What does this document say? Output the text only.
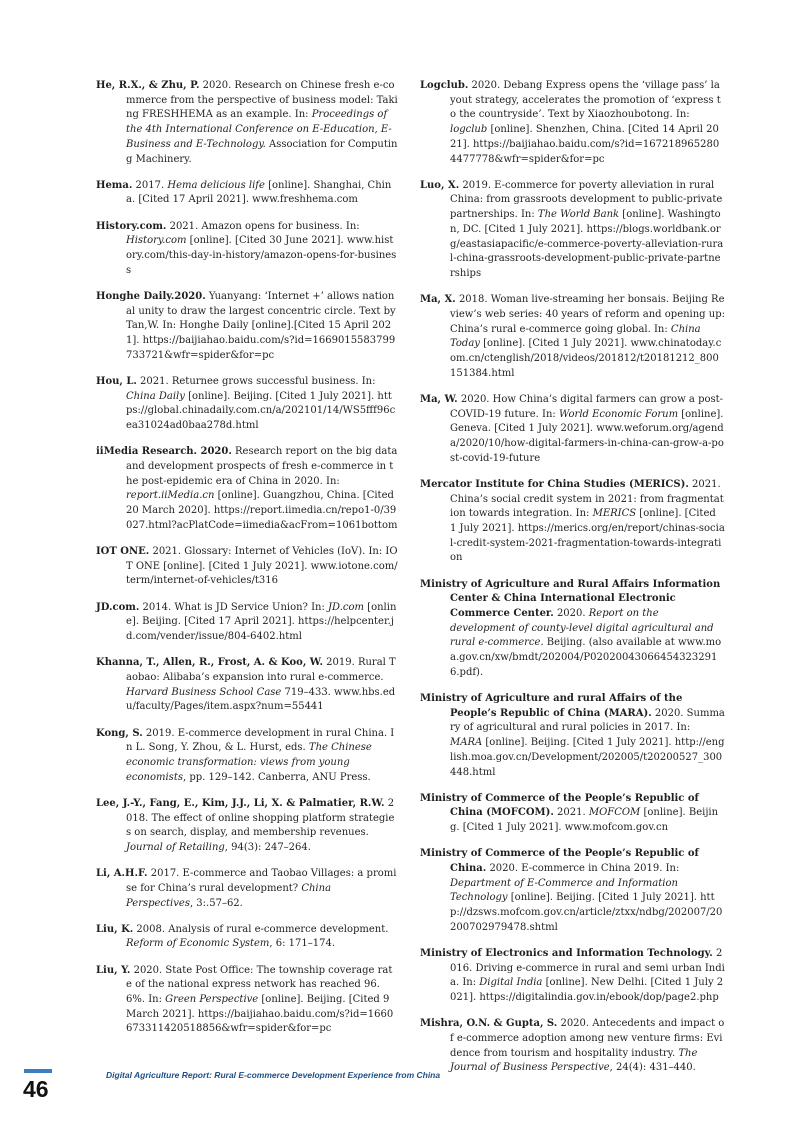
He, R.X., & Zhu, P. 2020. Research on Chinese fresh e-commerce from the perspective of business model: Taking FRESHHEMA as an example. In: Proceedings of the 4th International Conference on E-Education, E-Business and E-Technology. Association for Computing Machinery.

Hema. 2017. Hema delicious life [online]. Shanghai, China. [Cited 17 April 2021]. www.freshhema.com

History.com. 2021. Amazon opens for business. In: History.com [online]. [Cited 30 June 2021]. www.history.com/this-day-in-history/amazon-opens-for-business

Honghe Daily.2020. Yuanyang: ‘Internet +’ allows national unity to draw the largest concentric circle. Text by Tan,W. In: Honghe Daily [online].[Cited 15 April 2021]. https://baijiahao.baidu.com/s?id=1669015583799733721&wfr=spider&for=pc

Hou, L. 2021. Returnee grows successful business. In: China Daily [online]. Beijing. [Cited 1 July 2021]. https://global.chinadaily.com.cn/a/202101/14/WS5fff96cea31024ad0baa278d.html

iiMedia Research. 2020. Research report on the big data and development prospects of fresh e-commerce in the post-epidemic era of China in 2020. In: report.iiMedia.cn [online]. Guangzhou, China. [Cited 20 March 2020]. https://report.iimedia.cn/repo1-0/39027.html?acPlatCode=iimedia&acFrom=1061bottom

IOT ONE. 2021. Glossary: Internet of Vehicles (IoV). In: IOT ONE [online]. [Cited 1 July 2021]. www.iotone.com/term/internet-of-vehicles/t316

JD.com. 2014. What is JD Service Union? In: JD.com [online]. Beijing. [Cited 17 April 2021]. https://helpcenter.jd.com/vender/issue/804-6402.html

Khanna, T., Allen, R., Frost, A. & Koo, W. 2019. Rural Taobao: Alibaba’s expansion into rural e-commerce. Harvard Business School Case 719–433. www.hbs.edu/faculty/Pages/item.aspx?num=55441

Kong, S. 2019. E-commerce development in rural China. In L. Song, Y. Zhou, & L. Hurst, eds. The Chinese economic transformation: views from young economists, pp. 129–142. Canberra, ANU Press.

Lee, J.-Y., Fang, E., Kim, J.J., Li, X. & Palmatier, R.W. 2018. The effect of online shopping platform strategies on search, display, and membership revenues. Journal of Retailing, 94(3): 247–264.

Li, A.H.F. 2017. E-commerce and Taobao Villages: a promise for China’s rural development? China Perspectives, 3:.57–62.

Liu, K. 2008. Analysis of rural e-commerce development. Reform of Economic System, 6: 171–174.

Liu, Y. 2020. State Post Office: The township coverage rate of the national express network has reached 96.6%. In: Green Perspective [online]. Beijing. [Cited 9 March 2021]. https://baijiahao.baidu.com/s?id=1660673311420518856&wfr=spider&for=pc

Logclub. 2020. Debang Express opens the ‘village pass’ layout strategy, accelerates the promotion of ‘express to the countryside’. Text by Xiaozhoubotong. In: logclub [online]. Shenzhen, China. [Cited 14 April 2021]. https://baijiahao.baidu.com/s?id=1672189652804477778&wfr=spider&for=pc

Luo, X. 2019. E-commerce for poverty alleviation in rural China: from grassroots development to public-private partnerships. In: The World Bank [online]. Washington, DC. [Cited 1 July 2021]. https://blogs.worldbank.org/eastasiapacific/e-commerce-poverty-alleviation-rural-china-grassroots-development-public-private-partnerships

Ma, X. 2018. Woman live-streaming her bonsais. Beijing Review’s web series: 40 years of reform and opening up: China’s rural e-commerce going global. In: China Today [online]. [Cited 1 July 2021]. www.chinatoday.com.cn/ctenglish/2018/videos/201812/t20181212_800151384.html

Ma, W. 2020. How China’s digital farmers can grow a post-COVID-19 future. In: World Economic Forum [online]. Geneva. [Cited 1 July 2021]. www.weforum.org/agenda/2020/10/how-digital-farmers-in-china-can-grow-a-post-covid-19-future

Mercator Institute for China Studies (MERICS). 2021. China’s social credit system in 2021: from fragmentation towards integration. In: MERICS [online]. [Cited 1 July 2021]. https://merics.org/en/report/chinas-social-credit-system-2021-fragmentation-towards-integration

Ministry of Agriculture and Rural Affairs Information Center & China International Electronic Commerce Center. 2020. Report on the development of county-level digital agricultural and rural e-commerce. Beijing. (also available at www.moa.gov.cn/xw/bmdt/202004/P020200430664543232916.pdf).

Ministry of Agriculture and rural Affairs of the People’s Republic of China (MARA). 2020. Summary of agricultural and rural policies in 2017. In: MARA [online]. Beijing. [Cited 1 July 2021]. http://english.moa.gov.cn/Development/202005/t20200527_300448.html

Ministry of Commerce of the People’s Republic of China (MOFCOM). 2021. MOFCOM [online]. Beijing. [Cited 1 July 2021]. www.mofcom.gov.cn

Ministry of Commerce of the People’s Republic of China. 2020. E-commerce in China 2019. In: Department of E-Commerce and Information Technology [online]. Beijing. [Cited 1 July 2021]. http://dzsws.mofcom.gov.cn/article/ztxx/ndbg/202007/20200702979478.shtml

Ministry of Electronics and Information Technology. 2016. Driving e-commerce in rural and semi urban India. In: Digital India [online]. New Delhi. [Cited 1 July 2021]. https://digitalindia.gov.in/ebook/dop/page2.php

Mishra, O.N. & Gupta, S. 2020. Antecedents and impact of e-commerce adoption among new venture firms: Evidence from tourism and hospitality industry. The Journal of Business Perspective, 24(4): 431–440.

46
Digital Agriculture Report: Rural E-commerce Development Experience from China
